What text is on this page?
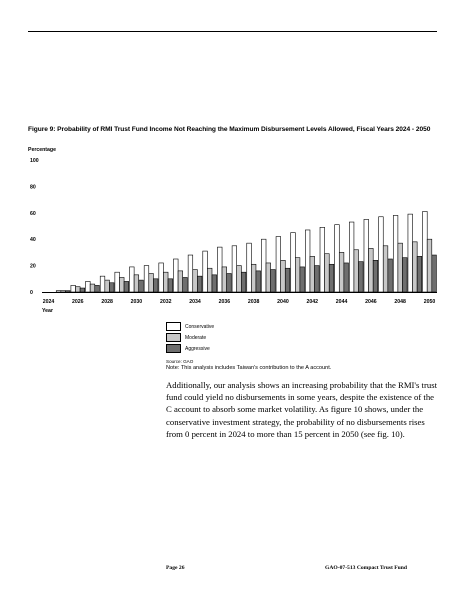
Figure 9: Probability of RMI Trust Fund Income Not Reaching the Maximum Disbursement Levels Allowed, Fiscal Years 2024 - 2050
Percentage
Year
0
20
40
60
80
100
2024	2026	2028	2030	2032	2034	2036	2038	2040	2042	2044	2046	2048	2050
Conservative
Moderate
Aggressive
Source: GAO
Note: This analysis includes Taiwan's contribution to the A account.
Additionally, our analysis shows an increasing probability that the RMI's trust fund could yield no disbursements in some years, despite the existence of the C account to absorb some market volatility. As figure 10 shows, under the conservative investment strategy, the probability of no disbursements rises from 0 percent in 2024 to more than 15 percent in 2050 (see fig. 10).
Page 26	GAO-07-513 Compact Trust Fund
